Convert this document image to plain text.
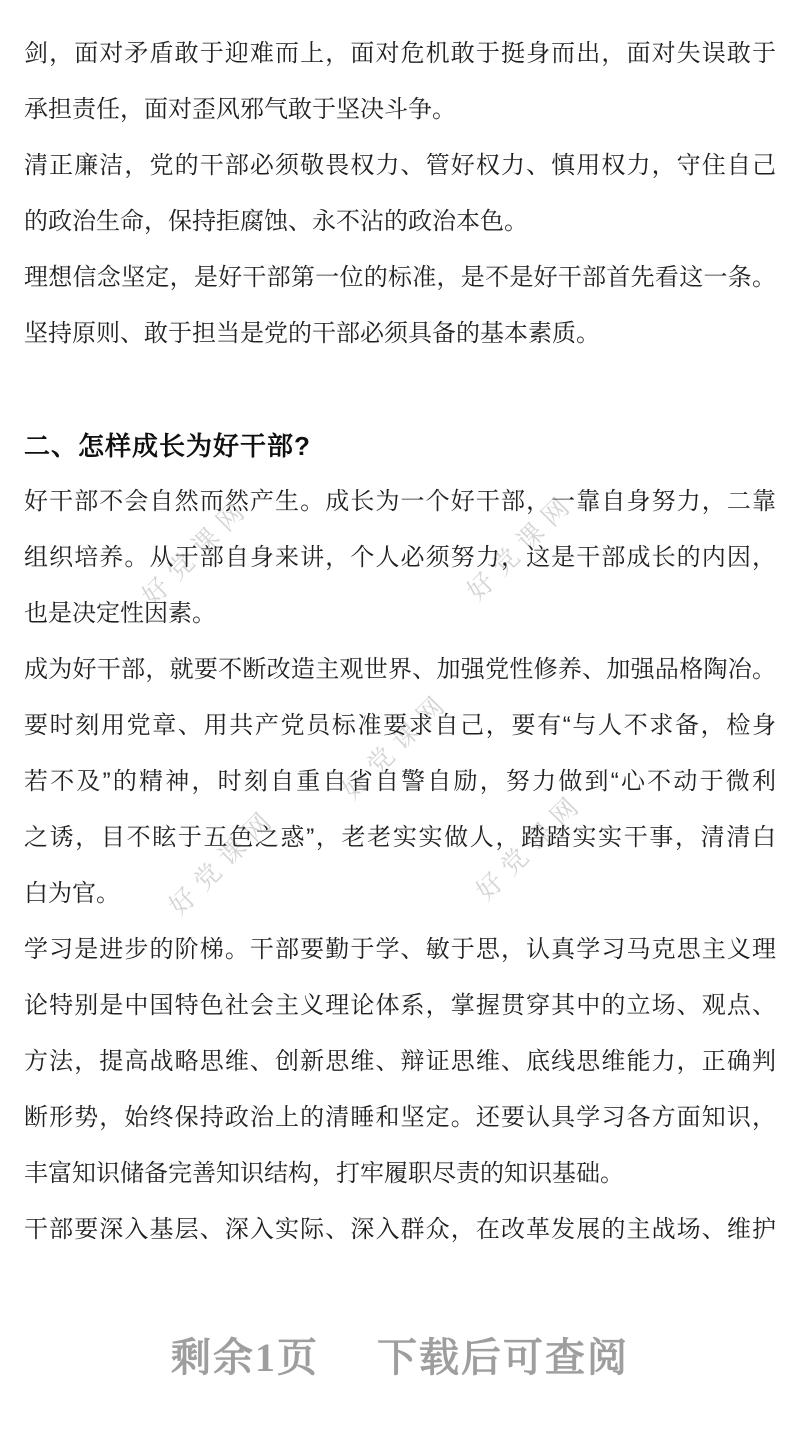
好党课网	好党课网
好党课网
好党课网	好党课网
剑，面对矛盾敢于迎难而上，面对危机敢于挺身而出，面对失误敢于
承担责任，面对歪风邪气敢于坚决斗争。
清正廉洁，党的干部必须敬畏权力、管好权力、慎用权力，守住自己
的政治生命，保持拒腐蚀、永不沾的政治本色。
理想信念坚定，是好干部第一位的标准，是不是好干部首先看这一条。
坚持原则、敢于担当是党的干部必须具备的基本素质。
二、怎样成长为好干部?
好干部不会自然而然产生。成长为一个好干部，一靠自身努力，二靠
组织培养。从干部自身来讲，个人必须努力，这是干部成长的内因，
也是决定性因素。
成为好干部，就要不断改造主观世界、加强党性修养、加强品格陶冶。
要时刻用党章、用共产党员标准要求自己，要有“与人不求备，检身
若不及”的精神，时刻自重自省自警自励，努力做到“心不动于微利
之诱，目不眩于五色之惑”，老老实实做人，踏踏实实干事，清清白
白为官。
学习是进步的阶梯。干部要勤于学、敏于思，认真学习马克思主义理
论特别是中国特色社会主义理论体系，掌握贯穿其中的立场、观点、
方法，提高战略思维、创新思维、辩证思维、底线思维能力，正确判
断形势，始终保持政治上的清睡和坚定。还要认具学习各方面知识，
丰富知识储备完善知识结构，打牢履职尽责的知识基础。
干部要深入基层、深入实际、深入群众，在改革发展的主战场、维护
剩余1页 下载后可查阅
